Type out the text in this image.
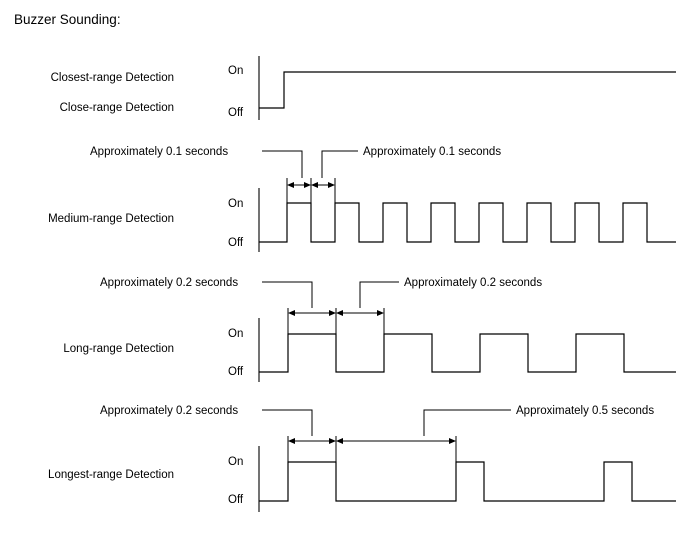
Buzzer Sounding:
Closest-range Detection
Close-range Detection
On
Off
Medium-range Detection
On
Off
Approximately 0.1 seconds	Approximately 0.1 seconds
Long-range Detection
On
Off
Approximately 0.2 seconds	Approximately 0.2 seconds
Longest-range Detection
On
Off
Approximately 0.2 seconds	Approximately 0.5 seconds
